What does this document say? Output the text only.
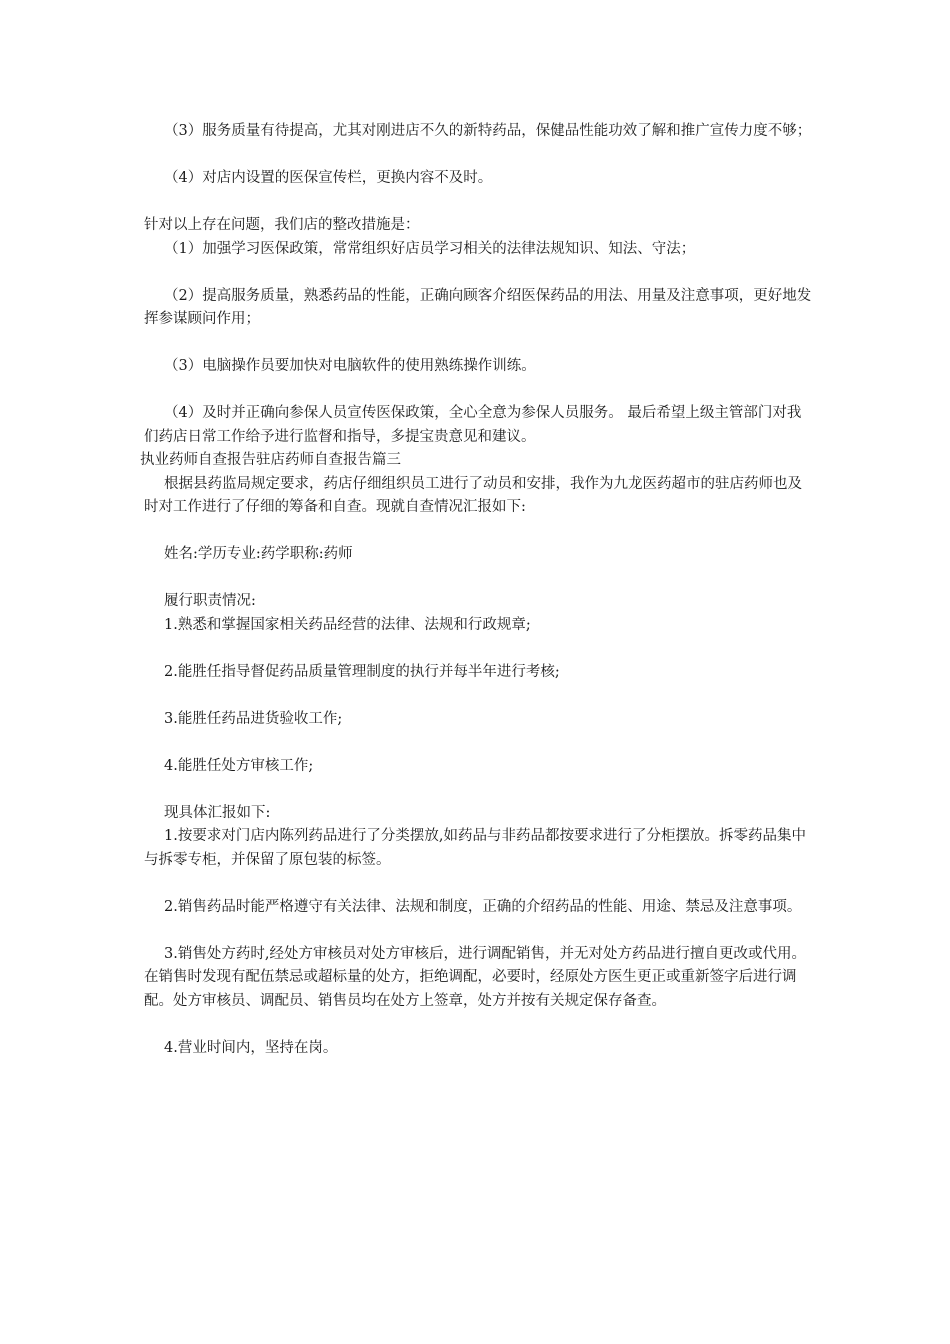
（3）服务质量有待提高，尤其对刚进店不久的新特药品，保健品性能功效了解和推广宣传力度不够；

（4）对店内设置的医保宣传栏，更换内容不及时。

针对以上存在问题，我们店的整改措施是：

（1）加强学习医保政策，常常组织好店员学习相关的法律法规知识、知法、守法；

（2）提高服务质量，熟悉药品的性能，正确向顾客介绍医保药品的用法、用量及注意事项，更好地发挥参谋顾问作用；

（3）电脑操作员要加快对电脑软件的使用熟练操作训练。

（4）及时并正确向参保人员宣传医保政策，全心全意为参保人员服务。 最后希望上级主管部门对我们药店日常工作给予进行监督和指导，多提宝贵意见和建议。

执业药师自查报告驻店药师自查报告篇三

根据县药监局规定要求，药店仔细组织员工进行了动员和安排，我作为九龙医药超市的驻店药师也及时对工作进行了仔细的筹备和自查。现就自查情况汇报如下:

姓名:学历专业:药学职称:药师

履行职责情况:

1.熟悉和掌握国家相关药品经营的法律、法规和行政规章;

2.能胜任指导督促药品质量管理制度的执行并每半年进行考核;

3.能胜任药品进货验收工作;

4.能胜任处方审核工作;

现具体汇报如下:

1.按要求对门店内陈列药品进行了分类摆放,如药品与非药品都按要求进行了分柜摆放。拆零药品集中与拆零专柜，并保留了原包装的标签。

2.销售药品时能严格遵守有关法律、法规和制度，正确的介绍药品的性能、用途、禁忌及注意事项。

3.销售处方药时,经处方审核员对处方审核后，进行调配销售，并无对处方药品进行擅自更改或代用。在销售时发现有配伍禁忌或超标量的处方，拒绝调配，必要时，经原处方医生更正或重新签字后进行调配。处方审核员、调配员、销售员均在处方上签章，处方并按有关规定保存备查。

4.营业时间内，坚持在岗。
